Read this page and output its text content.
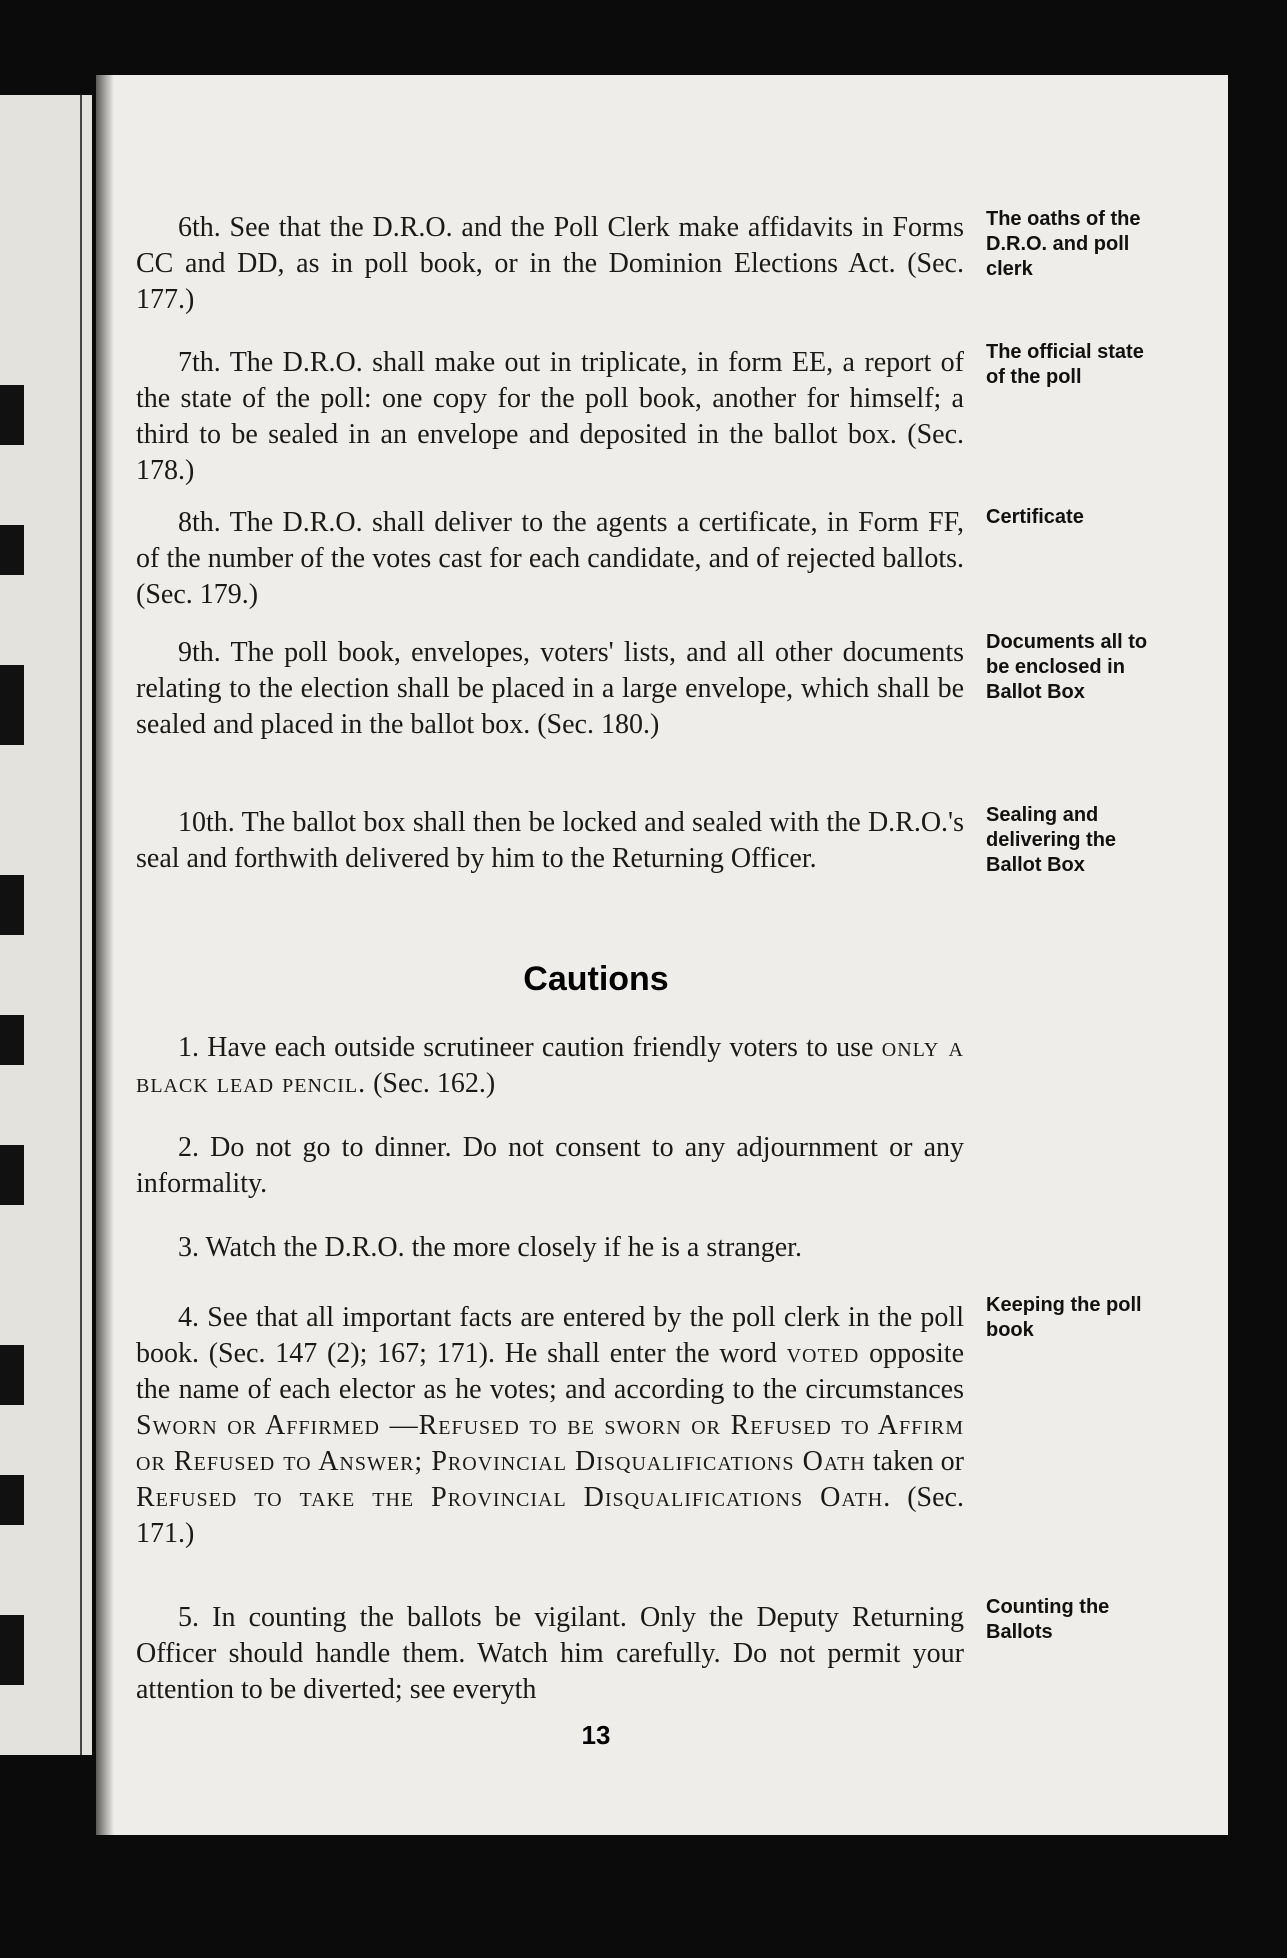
6th. See that the D.R.O. and the Poll Clerk make affidavits in Forms CC and DD, as in poll book, or in the Dominion Elections Act. (Sec. 177.)
The oaths of the D.R.O. and poll clerk
7th. The D.R.O. shall make out in triplicate, in form EE, a report of the state of the poll: one copy for the poll book, another for himself; a third to be sealed in an envelope and deposited in the ballot box. (Sec. 178.)
The official state of the poll
8th. The D.R.O. shall deliver to the agents a certificate, in Form FF, of the number of the votes cast for each candidate, and of rejected ballots. (Sec. 179.)
Certificate
9th. The poll book, envelopes, voters' lists, and all other documents relating to the election shall be placed in a large envelope, which shall be sealed and placed in the ballot box. (Sec. 180.)
Documents all to be enclosed in Ballot Box
10th. The ballot box shall then be locked and sealed with the D.R.O.'s seal and forthwith delivered by him to the Returning Officer.
Sealing and delivering the Ballot Box
Cautions
1. Have each outside scrutineer caution friendly voters to use only a black lead pencil. (Sec. 162.)
2. Do not go to dinner. Do not consent to any adjournment or any informality.
3. Watch the D.R.O. the more closely if he is a stranger.
4. See that all important facts are entered by the poll clerk in the poll book. (Sec. 147 (2); 167; 171). He shall enter the word voted opposite the name of each elector as he votes; and according to the circumstances Sworn or Affirmed —Refused to be sworn or Refused to Affirm or Refused to Answer; Provincial Disqualifications Oath taken or Refused to take the Provincial Disqualifications Oath. (Sec. 171.)
Keeping the poll book
5. In counting the ballots be vigilant. Only the Deputy Returning Officer should handle them. Watch him carefully. Do not permit your attention to be diverted; see everyth
Counting the Ballots
13
